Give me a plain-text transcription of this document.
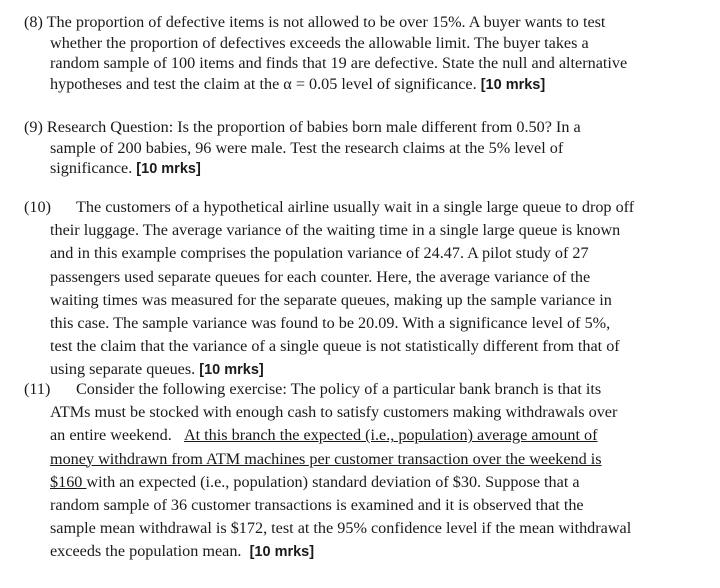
(8) The proportion of defective items is not allowed to be over 15%. A buyer wants to test
whether the proportion of defectives exceeds the allowable limit. The buyer takes a
random sample of 100 items and finds that 19 are defective. State the null and alternative
hypotheses and test the claim at the α = 0.05 level of significance. [10 mrks]
(9) Research Question: Is the proportion of babies born male different from 0.50? In a
sample of 200 babies, 96 were male. Test the research claims at the 5% level of
significance. [10 mrks]
(10) The customers of a hypothetical airline usually wait in a single large queue to drop off
their luggage. The average variance of the waiting time in a single large queue is known
and in this example comprises the population variance of 24.47. A pilot study of 27
passengers used separate queues for each counter. Here, the average variance of the
waiting times was measured for the separate queues, making up the sample variance in
this case. The sample variance was found to be 20.09. With a significance level of 5%,
test the claim that the variance of a single queue is not statistically different from that of
using separate queues. [10 mrks]
(11) Consider the following exercise: The policy of a particular bank branch is that its
ATMs must be stocked with enough cash to satisfy customers making withdrawals over
an entire weekend. At this branch the expected (i.e., population) average amount of
money withdrawn from ATM machines per customer transaction over the weekend is
$160 with an expected (i.e., population) standard deviation of $30. Suppose that a
random sample of 36 customer transactions is examined and it is observed that the
sample mean withdrawal is $172, test at the 95% confidence level if the mean withdrawal
exceeds the population mean. [10 mrks]
